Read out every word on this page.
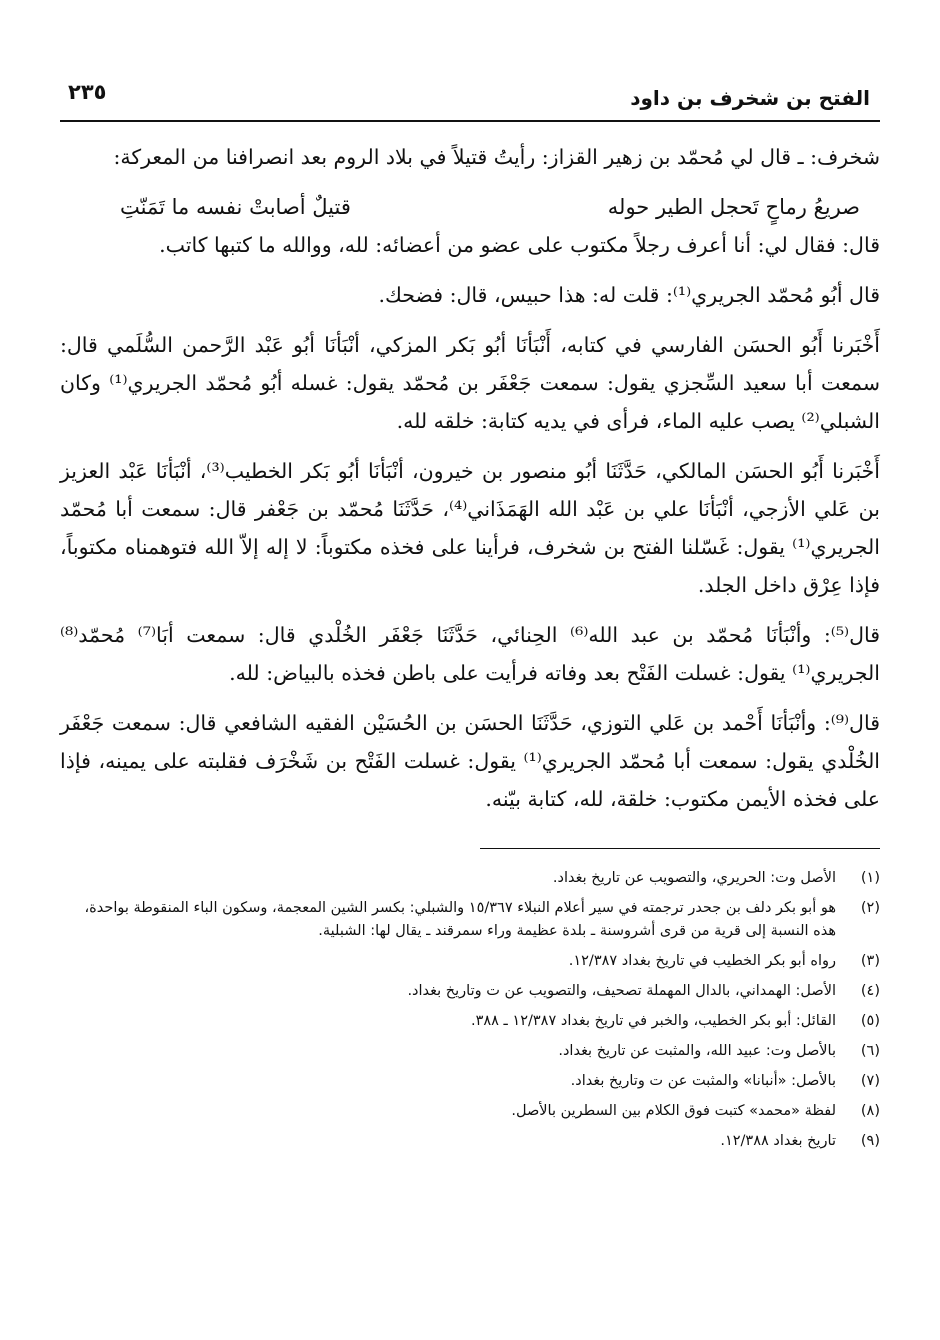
الفتح بن شخرف بن داود
٢٣٥

شخرف: ـ قال لي مُحمّد بن زهير القزاز: رأيتُ قتيلاً في بلاد الروم بعد انصرافنا من المعركة:

صريعُ رماحٍ تَحجل الطير حوله
قتيلٌ أصابتْ نفسه ما تَمَنّتِ

قال: فقال لي: أنا أعرف رجلاً مكتوب على عضو من أعضائه: لله، ووالله ما كتبها كاتب.

قال أبُو مُحمّد الجريري⁽¹⁾: قلت له: هذا حبيس، قال: فضحك.

أَخْبَرنا أَبُو الحسَن الفارسي في كتابه، أَنْبَأنَا أبُو بَكر المزكي، أنْبَأنَا أبُو عَبْد الرَّحمن السُّلَمي قال: سمعت أبا سعيد السِّجزي يقول: سمعت جَعْفَر بن مُحمّد يقول: غسله أبُو مُحمّد الجريري⁽¹⁾ وكان الشبلي⁽²⁾ يصب عليه الماء، فرأى في يديه كتابة: خلقه لله.

أَخْبَرنا أَبُو الحسَن المالكي، حَدَّثَنَا أبُو منصور بن خيرون، أنْبَأنَا أبُو بَكر الخطيب⁽³⁾، أنْبَأنَا عَبْد العزيز بن عَلي الأزجي، أنْبَأنَا علي بن عَبْد الله الهَمَذَاني⁽⁴⁾، حَدَّثَنَا مُحمّد بن جَعْفر قال: سمعت أبا مُحمّد الجريري⁽¹⁾ يقول: غَسّلنا الفتح بن شخرف، فرأينا على فخذه مكتوباً: لا إله إلاّ الله فتوهمناه مكتوباً، فإذا عِرْق داخل الجلد.

قال⁽⁵⁾: وأنْبَأنَا مُحمّد بن عبد الله⁽⁶⁾ الحِنائي، حَدَّثَنَا جَعْفَر الخُلْدي قال: سمعت أبَا⁽⁷⁾ مُحمّد⁽⁸⁾ الجريري⁽¹⁾ يقول: غسلت الفَتْح بعد وفاته فرأيت على باطن فخذه بالبياض: لله.

قال⁽⁹⁾: وأنْبَأنَا أَحْمد بن عَلي التوزي، حَدَّثَنَا الحسَن بن الحُسَيْن الفقيه الشافعي قال: سمعت جَعْفَر الخُلْدي يقول: سمعت أبا مُحمّد الجريري⁽¹⁾ يقول: غسلت الفَتْح بن شَخْرَف فقلبته على يمينه، فإذا على فخذه الأيمن مكتوب: خلقة، لله، كتابة بيّنه.

(١)
الأصل وت: الحريري، والتصويب عن تاريخ بغداد.
(٢)
هو أبو بكر دلف بن جحدر ترجمته في سير أعلام النبلاء ١٥/٣٦٧ والشبلي: بكسر الشين المعجمة، وسكون الباء المنقوطة بواحدة، هذه النسبة إلى قرية من قرى أشروسنة ـ بلدة عظيمة وراء سمرقند ـ يقال لها: الشبلية.
(٣)
رواه أبو بكر الخطيب في تاريخ بغداد ١٢/٣٨٧.
(٤)
الأصل: الهمداني، بالدال المهملة تصحيف، والتصويب عن ت وتاريخ بغداد.
(٥)
القائل: أبو بكر الخطيب، والخبر في تاريخ بغداد ١٢/٣٨٧ ـ ٣٨٨.
(٦)
بالأصل وت: عبيد الله، والمثبت عن تاريخ بغداد.
(٧)
بالأصل: «أنبانا» والمثبت عن ت وتاريخ بغداد.
(٨)
لفظة «محمد» كتبت فوق الكلام بين السطرين بالأصل.
(٩)
تاريخ بغداد ١٢/٣٨٨.
